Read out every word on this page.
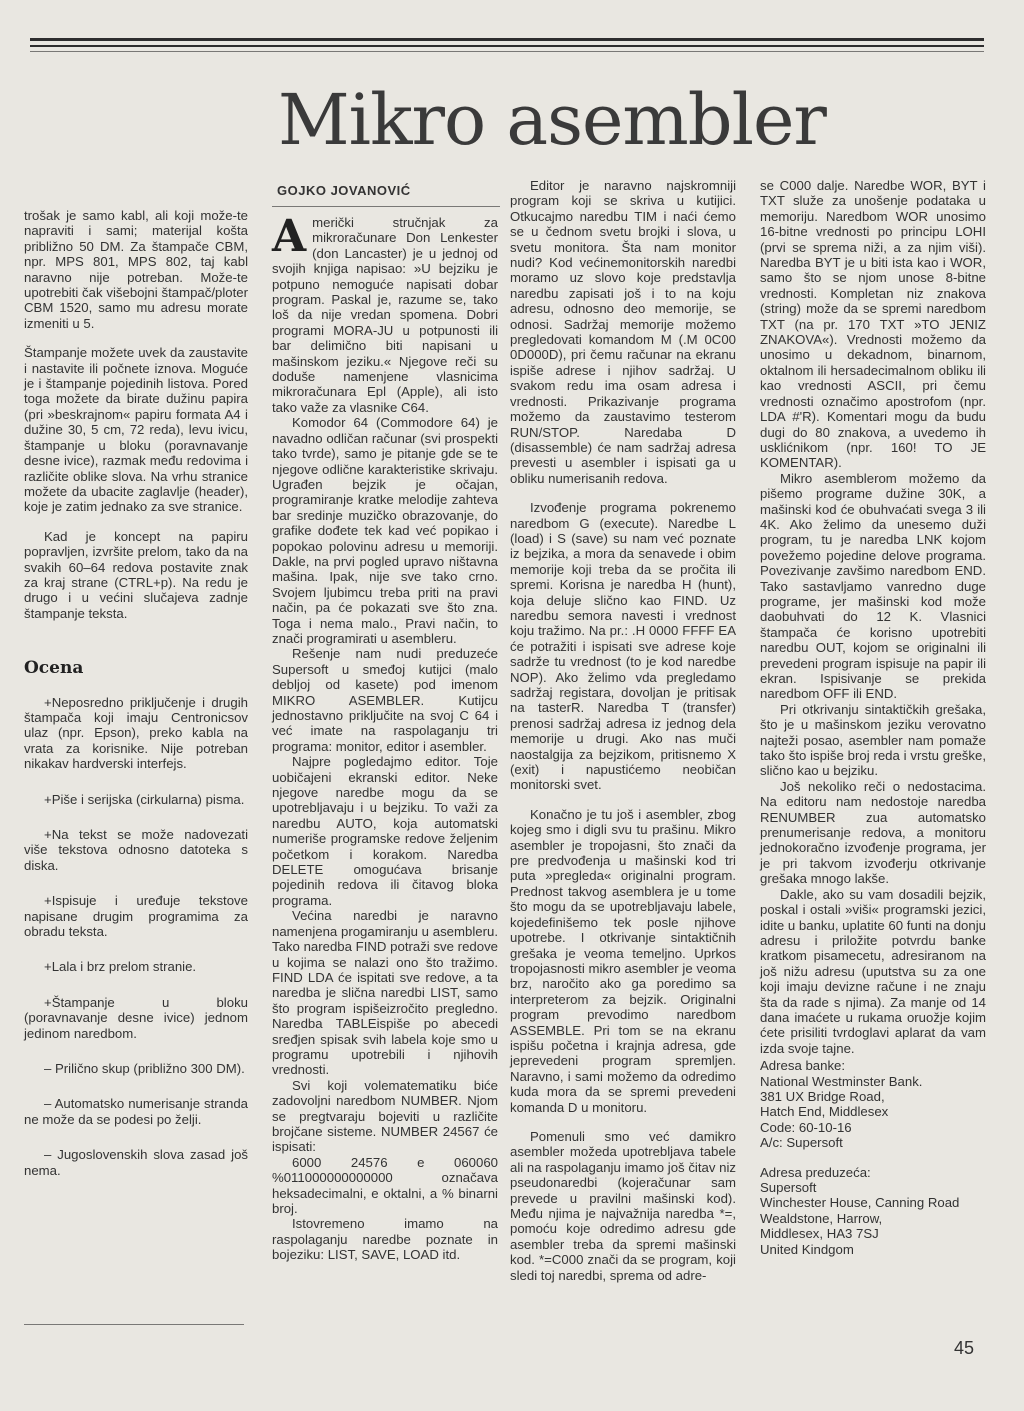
Mikro asembler
GOJKO JOVANOVIĆ

trošak je samo kabl, ali koji može-te napraviti i sami; materijal košta približno 50 DM. Za štampače CBM, npr. MPS 801, MPS 802, taj kabl naravno nije potreban. Može-te upotrebiti čak višebojni štampač/ploter CBM 1520, samo mu adresu morate izmeniti u 5.

Štampanje možete uvek da zaustavite i nastavite ili počnete iznova. Moguće je i štampanje pojedinih listova. Pored toga možete da birate dužinu papira (pri »beskrajnom« papiru formata A4 i dužine 30, 5 cm, 72 reda), levu ivicu, štampanje u bloku (poravnavanje desne ivice), razmak među redovima i različite oblike slova. Na vrhu stranice možete da ubacite zaglavlje (header), koje je zatim jednako za sve stranice.

Kad je koncept na papiru popravljen, izvršite prelom, tako da na svakih 60–64 redova postavite znak za kraj strane (CTRL+p). Na redu je drugo i u većini slučajeva zadnje štampanje teksta.

Ocena

+Neposredno priključenje i drugih štampača koji imaju Centronicsov ulaz (npr. Epson), preko kabla na vrata za korisnike. Nije potreban nikakav hardverski interfejs.

+Piše i serijska (cirkularna) pisma.

+Na tekst se može nadovezati više tekstova odnosno datoteka s diska.

+Ispisuje i uređuje tekstove napisane drugim programima za obradu teksta.

+Lala i brz prelom stranie.

+Štampanje u bloku (poravnavanje desne ivice) jednom jedinom naredbom.

– Prilično skup (približno 300 DM).

– Automatsko numerisanje stranda ne može da se podesi po želji.

– Jugoslovenskih slova zasad još nema.

Američki stručnjak za mikroračunare Don Lenkester (don Lancaster) je u jednoj od svojih knjiga napisao: »U bejziku je potpuno nemoguće napisati dobar program. Paskal je, razume se, tako loš da nije vredan spomena. Dobri programi MORA-JU u potpunosti ili bar delimično biti napisani u mašinskom jeziku.« Njegove reči su doduše namenjene vlasnicima mikroračunara Epl (Apple), ali isto tako važe za vlasnike C64.

Komodor 64 (Commodore 64) je navadno odličan računar (svi prospekti tako tvrde), samo je pitanje gde se te njegove odlične karakteristike skrivaju. Ugrađen bejzik je očajan, programiranje kratke melodije zahteva bar sredinje muzičko obrazovanje, do grafike dođete tek kad već popikao i popokao polovinu adresu u memoriji. Dakle, na prvi pogled upravo ništavna mašina. Ipak, nije sve tako crno. Svojem ljubimcu treba priti na pravi način, pa će pokazati sve što zna. Toga i nema malo., Pravi način, to znači programirati u asembleru.

Rešenje nam nudi preduzeće Supersoft u smeđoj kutijci (malo debljoj od kasete) pod imenom MIKRO ASEMBLER. Kutijcu jednostavno priključite na svoj C 64 i već imate na raspolaganju tri programa: monitor, editor i asembler.

Najpre pogledajmo editor. Toje uobičajeni ekranski editor. Neke njegove naredbe mogu da se upotrebljavaju i u bejziku. To važi za naredbu AUTO, koja automatski numeriše programske redove željenim početkom i korakom. Naredba DELETE omogućava brisanje pojedinih redova ili čitavog bloka programa.

Većina naredbi je naravno namenjena progamiranju u asembleru. Tako naredba FIND potraži sve redove u kojima se nalazi ono što tražimo. FIND LDA će ispitati sve redove, a ta naredba je slična naredbi LIST, samo što program ispišeizročito pregledno. Naredba TABLEispiše po abecedi sređjen spisak svih labela koje smo u programu upotrebili i njihovih vrednosti.

Svi koji volematematiku biće zadovoljni naredbom NUMBER. Njom se pregtvaraju bojeviti u različite brojčane sisteme. NUMBER 24567 će ispisati:

6000 24576 e 060060 %011000000000000 označava heksadecimalni, e oktalni, a % binarni broj.

Istovremeno imamo na raspolaganju naredbe poznate in bojeziku: LIST, SAVE, LOAD itd.

Editor je naravno najskromniji program koji se skriva u kutijici. Otkucajmo naredbu TIM i naći ćemo se u čednom svetu brojki i slova, u svetu monitora. Šta nam monitor nudi? Kod većinemonitorskih naredbi moramo uz slovo koje predstavlja naredbu zapisati još i to na koju adresu, odnosno deo memorije, se odnosi. Sadržaj memorije možemo pregledovati komandom M (.M 0C00 0D000D), pri čemu računar na ekranu ispiše adrese i njihov sadržaj. U svakom redu ima osam adresa i vrednosti. Prikazivanje programa možemo da zaustavimo testerom RUN/STOP. Naredaba D (disassemble) će nam sadržaj adresa prevesti u asembler i ispisati ga u obliku numerisanih redova.

Izvođenje programa pokrenemo naredbom G (execute). Naredbe L (load) i S (save) su nam već poznate iz bejzika, a mora da senavede i obim memorije koji treba da se pročita ili spremi. Korisna je naredba H (hunt), koja deluje slično kao FIND. Uz naredbu semora navesti i vrednost koju tražimo. Na pr.: .H 0000 FFFF EA će potražiti i ispisati sve adrese koje sadrže tu vrednost (to je kod naredbe NOP). Ako želimo vda pregledamo sadržaj registara, dovoljan je pritisak na tasterR. Naredba T (transfer) prenosi sadržaj adresa iz jednog dela memorije u drugi. Ako nas muči naostalgija za bejzikom, pritisnemo X (exit) i napustićemo neobičan monitorski svet.

Konačno je tu još i asembler, zbog kojeg smo i digli svu tu prašinu. Mikro asembler je tropojasni, što znači da pre predvođenja u mašinski kod tri puta »pregleda« originalni program. Prednost takvog asemblera je u tome što mogu da se upotrebljavaju labele, kojedefinišemo tek posle njihove upotrebe. I otkrivanje sintaktičnih grešaka je veoma temeljno. Uprkos tropojasnosti mikro asembler je veoma brz, naročito ako ga poredimo sa interpreterom za bejzik. Originalni program prevodimo naredbom ASSEMBLE. Pri tom se na ekranu ispišu početna i krajnja adresa, gde jeprevedeni program spremljen. Naravno, i sami možemo da odredimo kuda mora da se spremi prevedeni komanda D u monitoru.

Pomenuli smo već damikro asembler možeda upotrebljava tabele ali na raspolaganju imamo još čitav niz pseudonaredbi (kojeračunar sam prevede u pravilni mašinski kod). Među njima je najvažnija naredba *=, pomoću koje odredimo adresu gde asembler treba da spremi mašinski kod. *=C000 znači da se program, koji sledi toj naredbi, sprema od adre-

se C000 dalje. Naredbe WOR, BYT i TXT služe za unošenje podataka u memoriju. Naredbom WOR unosimo 16-bitne vrednosti po principu LOHI (prvi se sprema niži, a za njim viši). Naredba BYT je u biti ista kao i WOR, samo što se njom unose 8-bitne vrednosti. Kompletan niz znakova (string) može da se spremi naredbom TXT (na pr. 170 TXT »TO JENIZ ZNAKOVA«). Vrednosti možemo da unosimo u dekadnom, binarnom, oktalnom ili hersadecimalnom obliku ili kao vrednosti ASCII, pri čemu vrednosti označimo apostrofom (npr. LDA #'R). Komentari mogu da budu dugi do 80 znakova, a uvedemo ih usklićnikom (npr. 160! TO JE KOMENTAR).

Mikro asemblerom možemo da pišemo programe dužine 30K, a mašinski kod će obuhvaćati svega 3 ili 4K. Ako želimo da unesemo duži program, tu je naredba LNK kojom povežemo pojedine delove programa. Povezivanje zavšimo naredbom END. Tako sastavljamo vanredno duge programe, jer mašinski kod može daobuhvati do 12 K. Vlasnici štampača će korisno upotrebiti naredbu OUT, kojom se originalni ili prevedeni program ispisuje na papir ili ekran. Ispisivanje se prekida naredbom OFF ili END.

Pri otkrivanju sintaktičkih grešaka, što je u mašinskom jeziku verovatno najteži posao, asembler nam pomaže tako što ispiše broj reda i vrstu greške, slično kao u bejziku.

Još nekoliko reči o nedostacima. Na editoru nam nedostoje naredba RENUMBER zua automatsko prenumerisanje redova, a monitoru jednokoračno izvođenje programa, jer je pri takvom izvođerju otkrivanje grešaka mnogo lakše.

Dakle, ako su vam dosadili bejzik, poskal i ostali »viši« programski jezici, idite u banku, uplatite 60 funti na donju adresu i priložite potvrdu banke kratkom pisamecetu, adresiranom na još nižu adresu (uputstva su za one koji imaju devizne račune i ne znaju šta da rade s njima). Za manje od 14 dana imaćete u rukama oruožje kojim ćete prisiliti tvrdoglavi aplarat da vam izda svoje tajne.

Adresa banke:

National Westminster Bank.

381 UX Bridge Road,

Hatch End, Middlesex

Code: 60-10-16

A/c: Supersoft

Adresa preduzeća:

Supersoft

Winchester House, Canning Road

Wealdstone, Harrow,

Middlesex, HA3 7SJ

United Kindgom

45
